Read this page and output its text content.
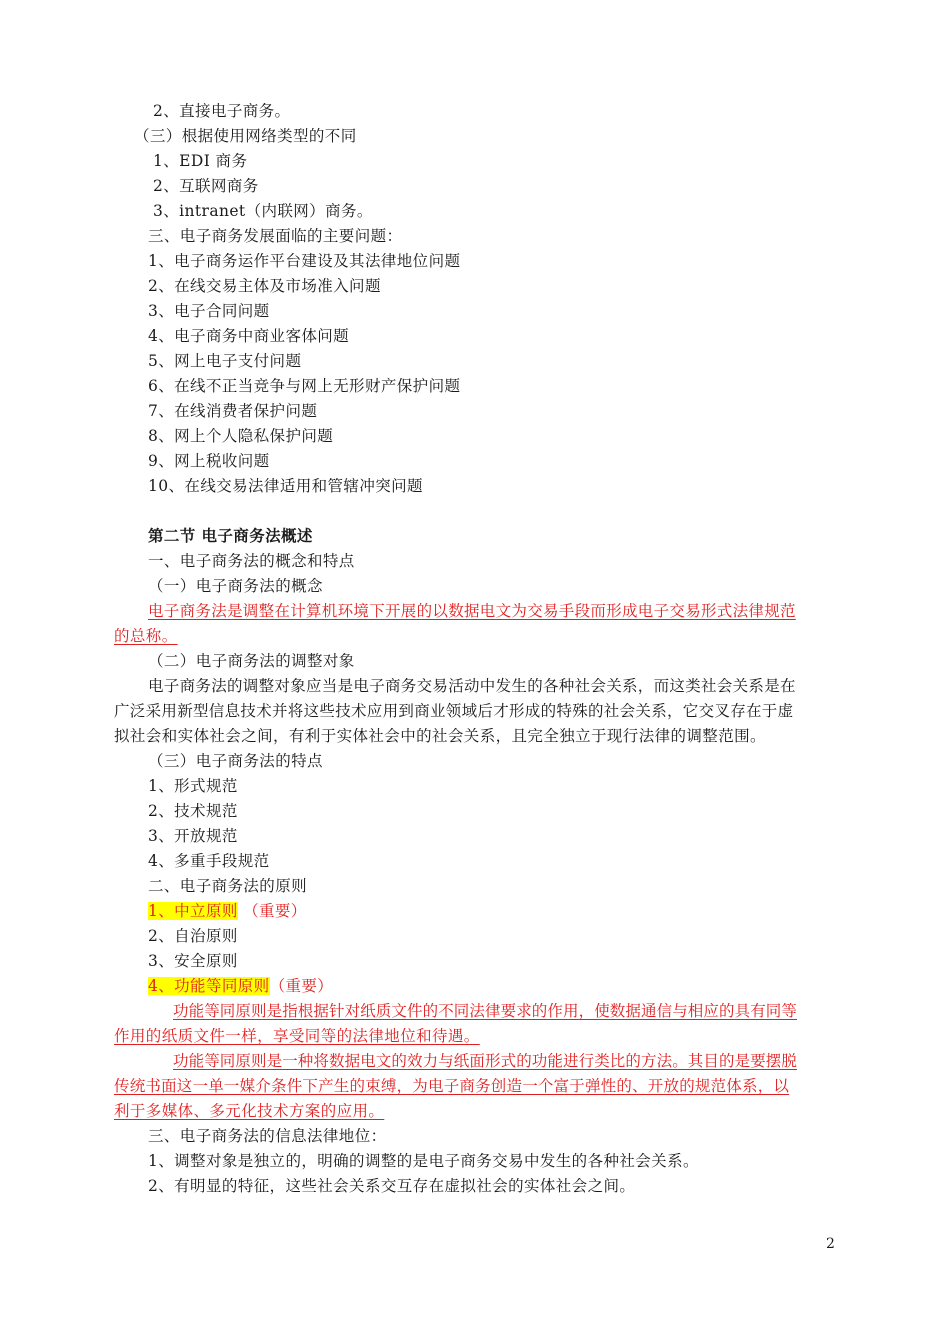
2、直接电子商务。
（三）根据使用网络类型的不同
1、EDI 商务
2、互联网商务
3、intranet（内联网）商务。
三、电子商务发展面临的主要问题：
1、电子商务运作平台建设及其法律地位问题
2、在线交易主体及市场准入问题
3、电子合同问题
4、电子商务中商业客体问题
5、网上电子支付问题
6、在线不正当竞争与网上无形财产保护问题
7、在线消费者保护问题
8、网上个人隐私保护问题
9、网上税收问题
10、在线交易法律适用和管辖冲突问题
第二节 电子商务法概述
一、电子商务法的概念和特点
（一）电子商务法的概念
电子商务法是调整在计算机环境下开展的以数据电文为交易手段而形成电子交易形式法律规范
的总称。
（二）电子商务法的调整对象
电子商务法的调整对象应当是电子商务交易活动中发生的各种社会关系，而这类社会关系是在
广泛采用新型信息技术并将这些技术应用到商业领域后才形成的特殊的社会关系，它交叉存在于虚
拟社会和实体社会之间，有利于实体社会中的社会关系，且完全独立于现行法律的调整范围。
（三）电子商务法的特点
1、形式规范
2、技术规范
3、开放规范
4、多重手段规范
二、电子商务法的原则
1、中立原则 （重要）
2、自治原则
3、安全原则
4、功能等同原则（重要）
功能等同原则是指根据针对纸质文件的不同法律要求的作用，使数据通信与相应的具有同等
作用的纸质文件一样，享受同等的法律地位和待遇。
功能等同原则是一种将数据电文的效力与纸面形式的功能进行类比的方法。其目的是要摆脱
传统书面这一单一媒介条件下产生的束缚，为电子商务创造一个富于弹性的、开放的规范体系，以
利于多媒体、多元化技术方案的应用。
三、电子商务法的信息法律地位：
1、调整对象是独立的，明确的调整的是电子商务交易中发生的各种社会关系。
2、有明显的特征，这些社会关系交互存在虚拟社会的实体社会之间。
2
